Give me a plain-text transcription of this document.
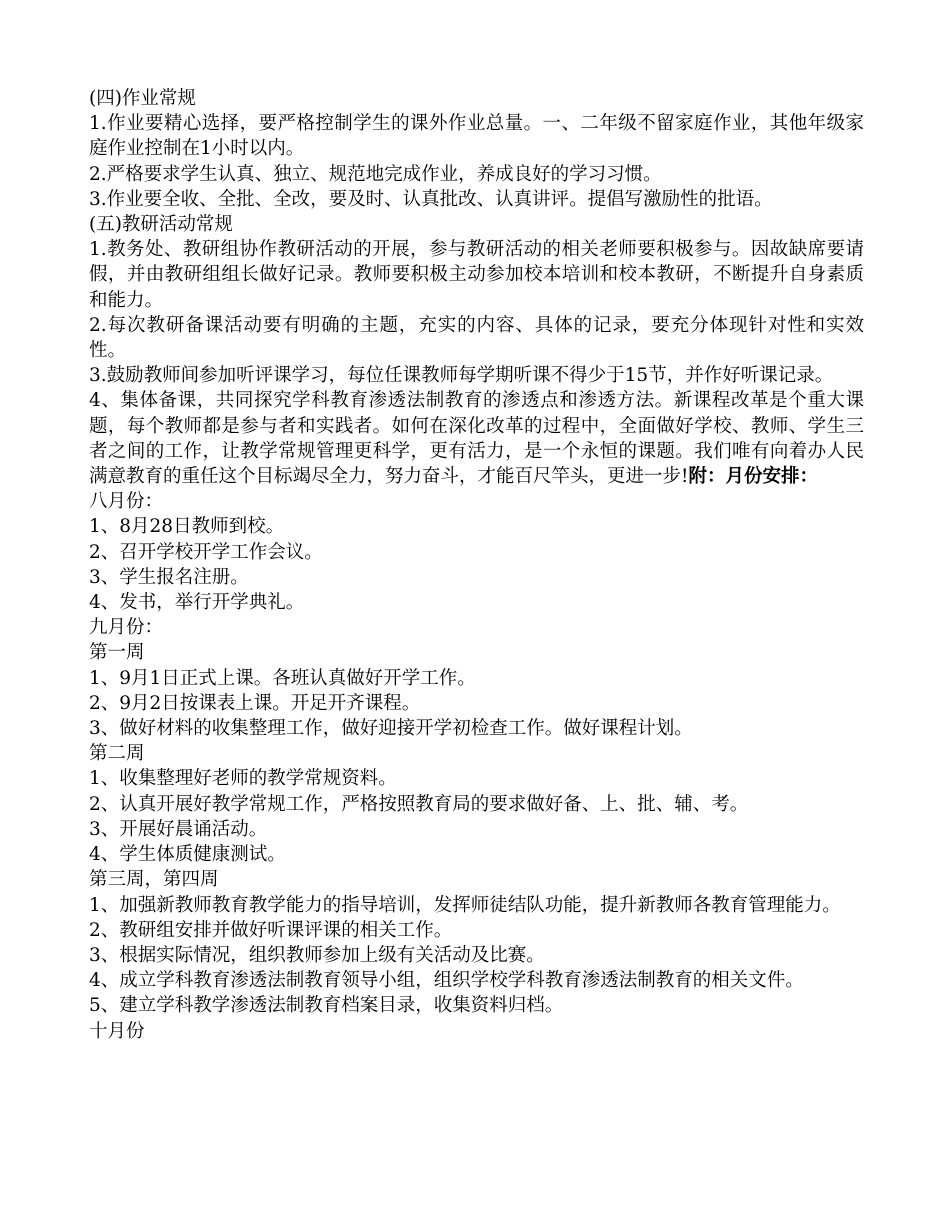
(四)作业常规

1.作业要精心选择，要严格控制学生的课外作业总量。一、二年级不留家庭作业，其他年级家庭作业控制在1小时以内。

2.严格要求学生认真、独立、规范地完成作业，养成良好的学习习惯。

3.作业要全收、全批、全改，要及时、认真批改、认真讲评。提倡写激励性的批语。

(五)教研活动常规

1.教务处、教研组协作教研活动的开展，参与教研活动的相关老师要积极参与。因故缺席要请假，并由教研组组长做好记录。教师要积极主动参加校本培训和校本教研，不断提升自身素质和能力。

2.每次教研备课活动要有明确的主题，充实的内容、具体的记录，要充分体现针对性和实效性。

3.鼓励教师间参加听评课学习，每位任课教师每学期听课不得少于15节，并作好听课记录。

4、集体备课，共同探究学科教育渗透法制教育的渗透点和渗透方法。新课程改革是个重大课题，每个教师都是参与者和实践者。如何在深化改革的过程中，全面做好学校、教师、学生三者之间的工作，让教学常规管理更科学，更有活力，是一个永恒的课题。我们唯有向着办人民满意教育的重任这个目标竭尽全力，努力奋斗，才能百尺竿头，更进一步!附：月份安排：

八月份：

1、8月28日教师到校。

2、召开学校开学工作会议。

3、学生报名注册。

4、发书，举行开学典礼。

九月份：

第一周

1、9月1日正式上课。各班认真做好开学工作。

2、9月2日按课表上课。开足开齐课程。

3、做好材料的收集整理工作，做好迎接开学初检查工作。做好课程计划。

第二周

1、收集整理好老师的教学常规资料。

2、认真开展好教学常规工作，严格按照教育局的要求做好备、上、批、辅、考。

3、开展好晨诵活动。

4、学生体质健康测试。

第三周，第四周

1、加强新教师教育教学能力的指导培训，发挥师徒结队功能，提升新教师各教育管理能力。

2、教研组安排并做好听课评课的相关工作。

3、根据实际情况，组织教师参加上级有关活动及比赛。

4、成立学科教育渗透法制教育领导小组，组织学校学科教育渗透法制教育的相关文件。

5、建立学科教学渗透法制教育档案目录，收集资料归档。

十月份
